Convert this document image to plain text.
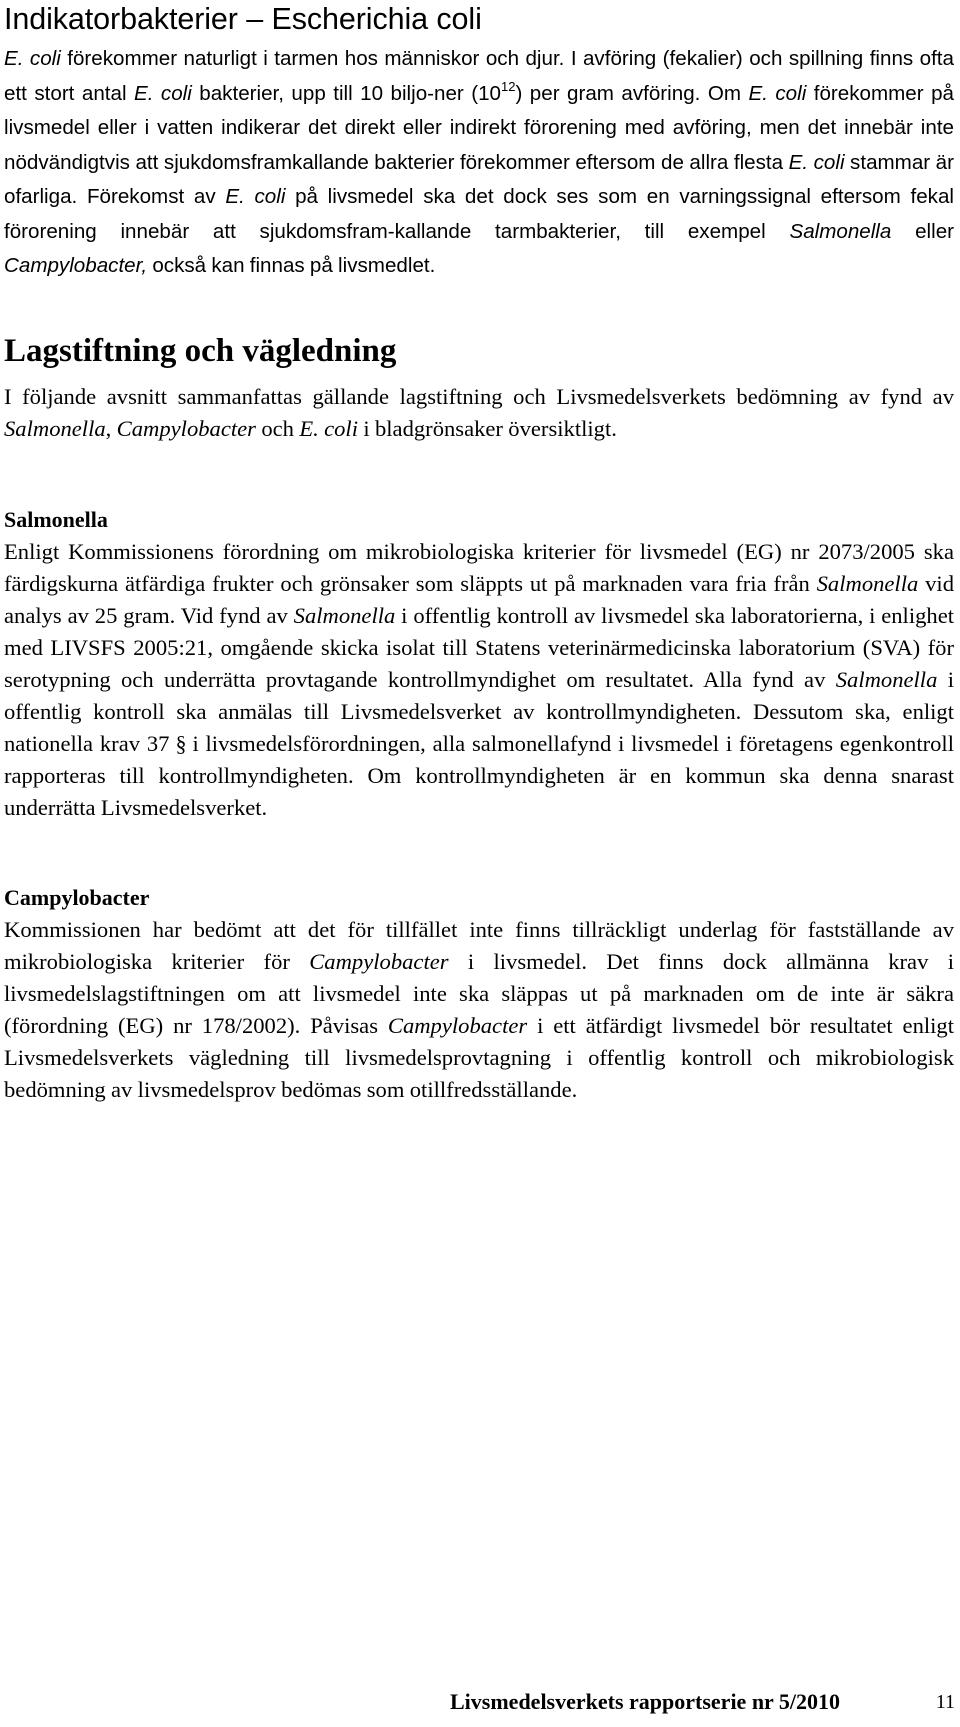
Indikatorbakterier – Escherichia coli

E. coli förekommer naturligt i tarmen hos människor och djur. I avföring (fekalier) och spillning finns ofta ett stort antal E. coli bakterier, upp till 10 biljo-ner $(10^{12})$ per gram avföring. Om E. coli förekommer på livsmedel eller i vatten indikerar det direkt eller indirekt förorening med avföring, men det innebär inte nödvändigtvis att sjukdomsframkallande bakterier förekommer eftersom de allra flesta E. coli stammar är ofarliga. Förekomst av E. coli på livsmedel ska det dock ses som en varningssignal eftersom fekal förorening innebär att sjukdomsfram-kallande tarmbakterier, till exempel Salmonella eller Campylobacter, också kan finnas på livsmedlet.

Lagstiftning och vägledning

I följande avsnitt sammanfattas gällande lagstiftning och Livsmedelsverkets bedömning av fynd av Salmonella, Campylobacter och E. coli i bladgrönsaker översiktligt.

Salmonella

Enligt Kommissionens förordning om mikrobiologiska kriterier för livsmedel (EG) nr 2073/2005 ska färdigskurna ätfärdiga frukter och grönsaker som släppts ut på marknaden vara fria från Salmonella vid analys av 25 gram. Vid fynd av Salmonella i offentlig kontroll av livsmedel ska laboratorierna, i enlighet med LIVSFS 2005:21, omgående skicka isolat till Statens veterinärmedicinska laboratorium (SVA) för serotypning och underrätta provtagande kontrollmyndighet om resultatet. Alla fynd av Salmonella i offentlig kontroll ska anmälas till Livsmedelsverket av kontrollmyndigheten. Dessutom ska, enligt nationella krav 37 § i livsmedelsförordningen, alla salmonellafynd i livsmedel i företagens egenkontroll rapporteras till kontrollmyndigheten. Om kontrollmyndigheten är en kommun ska denna snarast underrätta Livsmedelsverket.

Campylobacter

Kommissionen har bedömt att det för tillfället inte finns tillräckligt underlag för fastställande av mikrobiologiska kriterier för Campylobacter i livsmedel. Det finns dock allmänna krav i livsmedelslagstiftningen om att livsmedel inte ska släppas ut på marknaden om de inte är säkra (förordning (EG) nr 178/2002). Påvisas Campylobacter i ett ätfärdigt livsmedel bör resultatet enligt Livsmedelsverkets vägledning till livsmedelsprovtagning i offentlig kontroll och mikrobiologisk bedömning av livsmedelsprov bedömas som otillfredsställande.

Livsmedelsverkets rapportserie nr 5/2010	11
